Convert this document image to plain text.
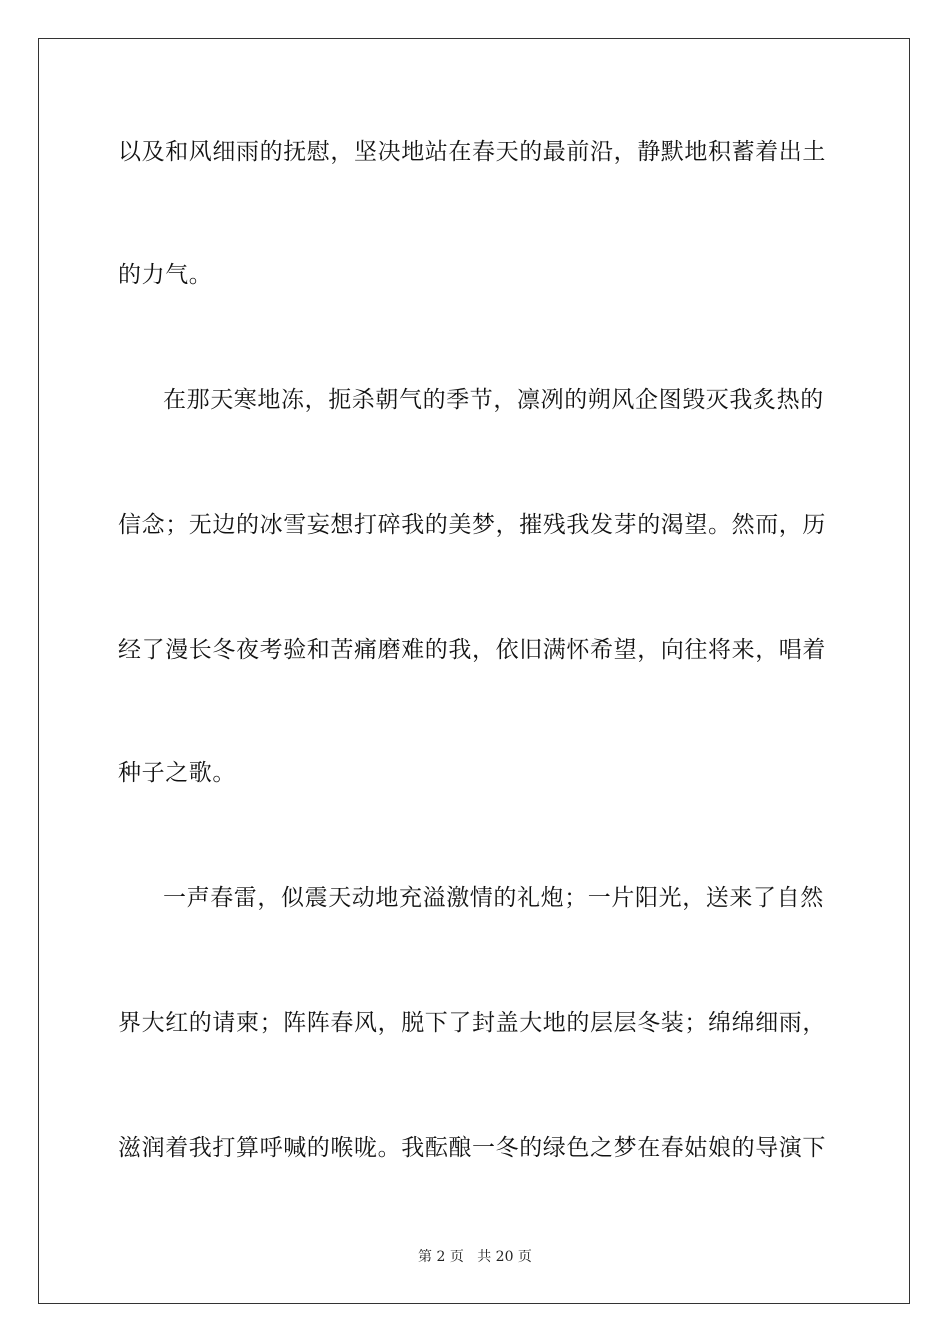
以及和风细雨的抚慰，坚决地站在春天的最前沿，静默地积蓄着出土
的力气。
在那天寒地冻，扼杀朝气的季节，凛冽的朔风企图毁灭我炙热的
信念；无边的冰雪妄想打碎我的美梦，摧残我发芽的渴望。然而，历
经了漫长冬夜考验和苦痛磨难的我，依旧满怀希望，向往将来，唱着
种子之歌。
一声春雷，似震天动地充溢激情的礼炮；一片阳光，送来了自然
界大红的请柬；阵阵春风，脱下了封盖大地的层层冬装；绵绵细雨，
滋润着我打算呼喊的喉咙。我酝酿一冬的绿色之梦在春姑娘的导演下
第 2 页 共 20 页
